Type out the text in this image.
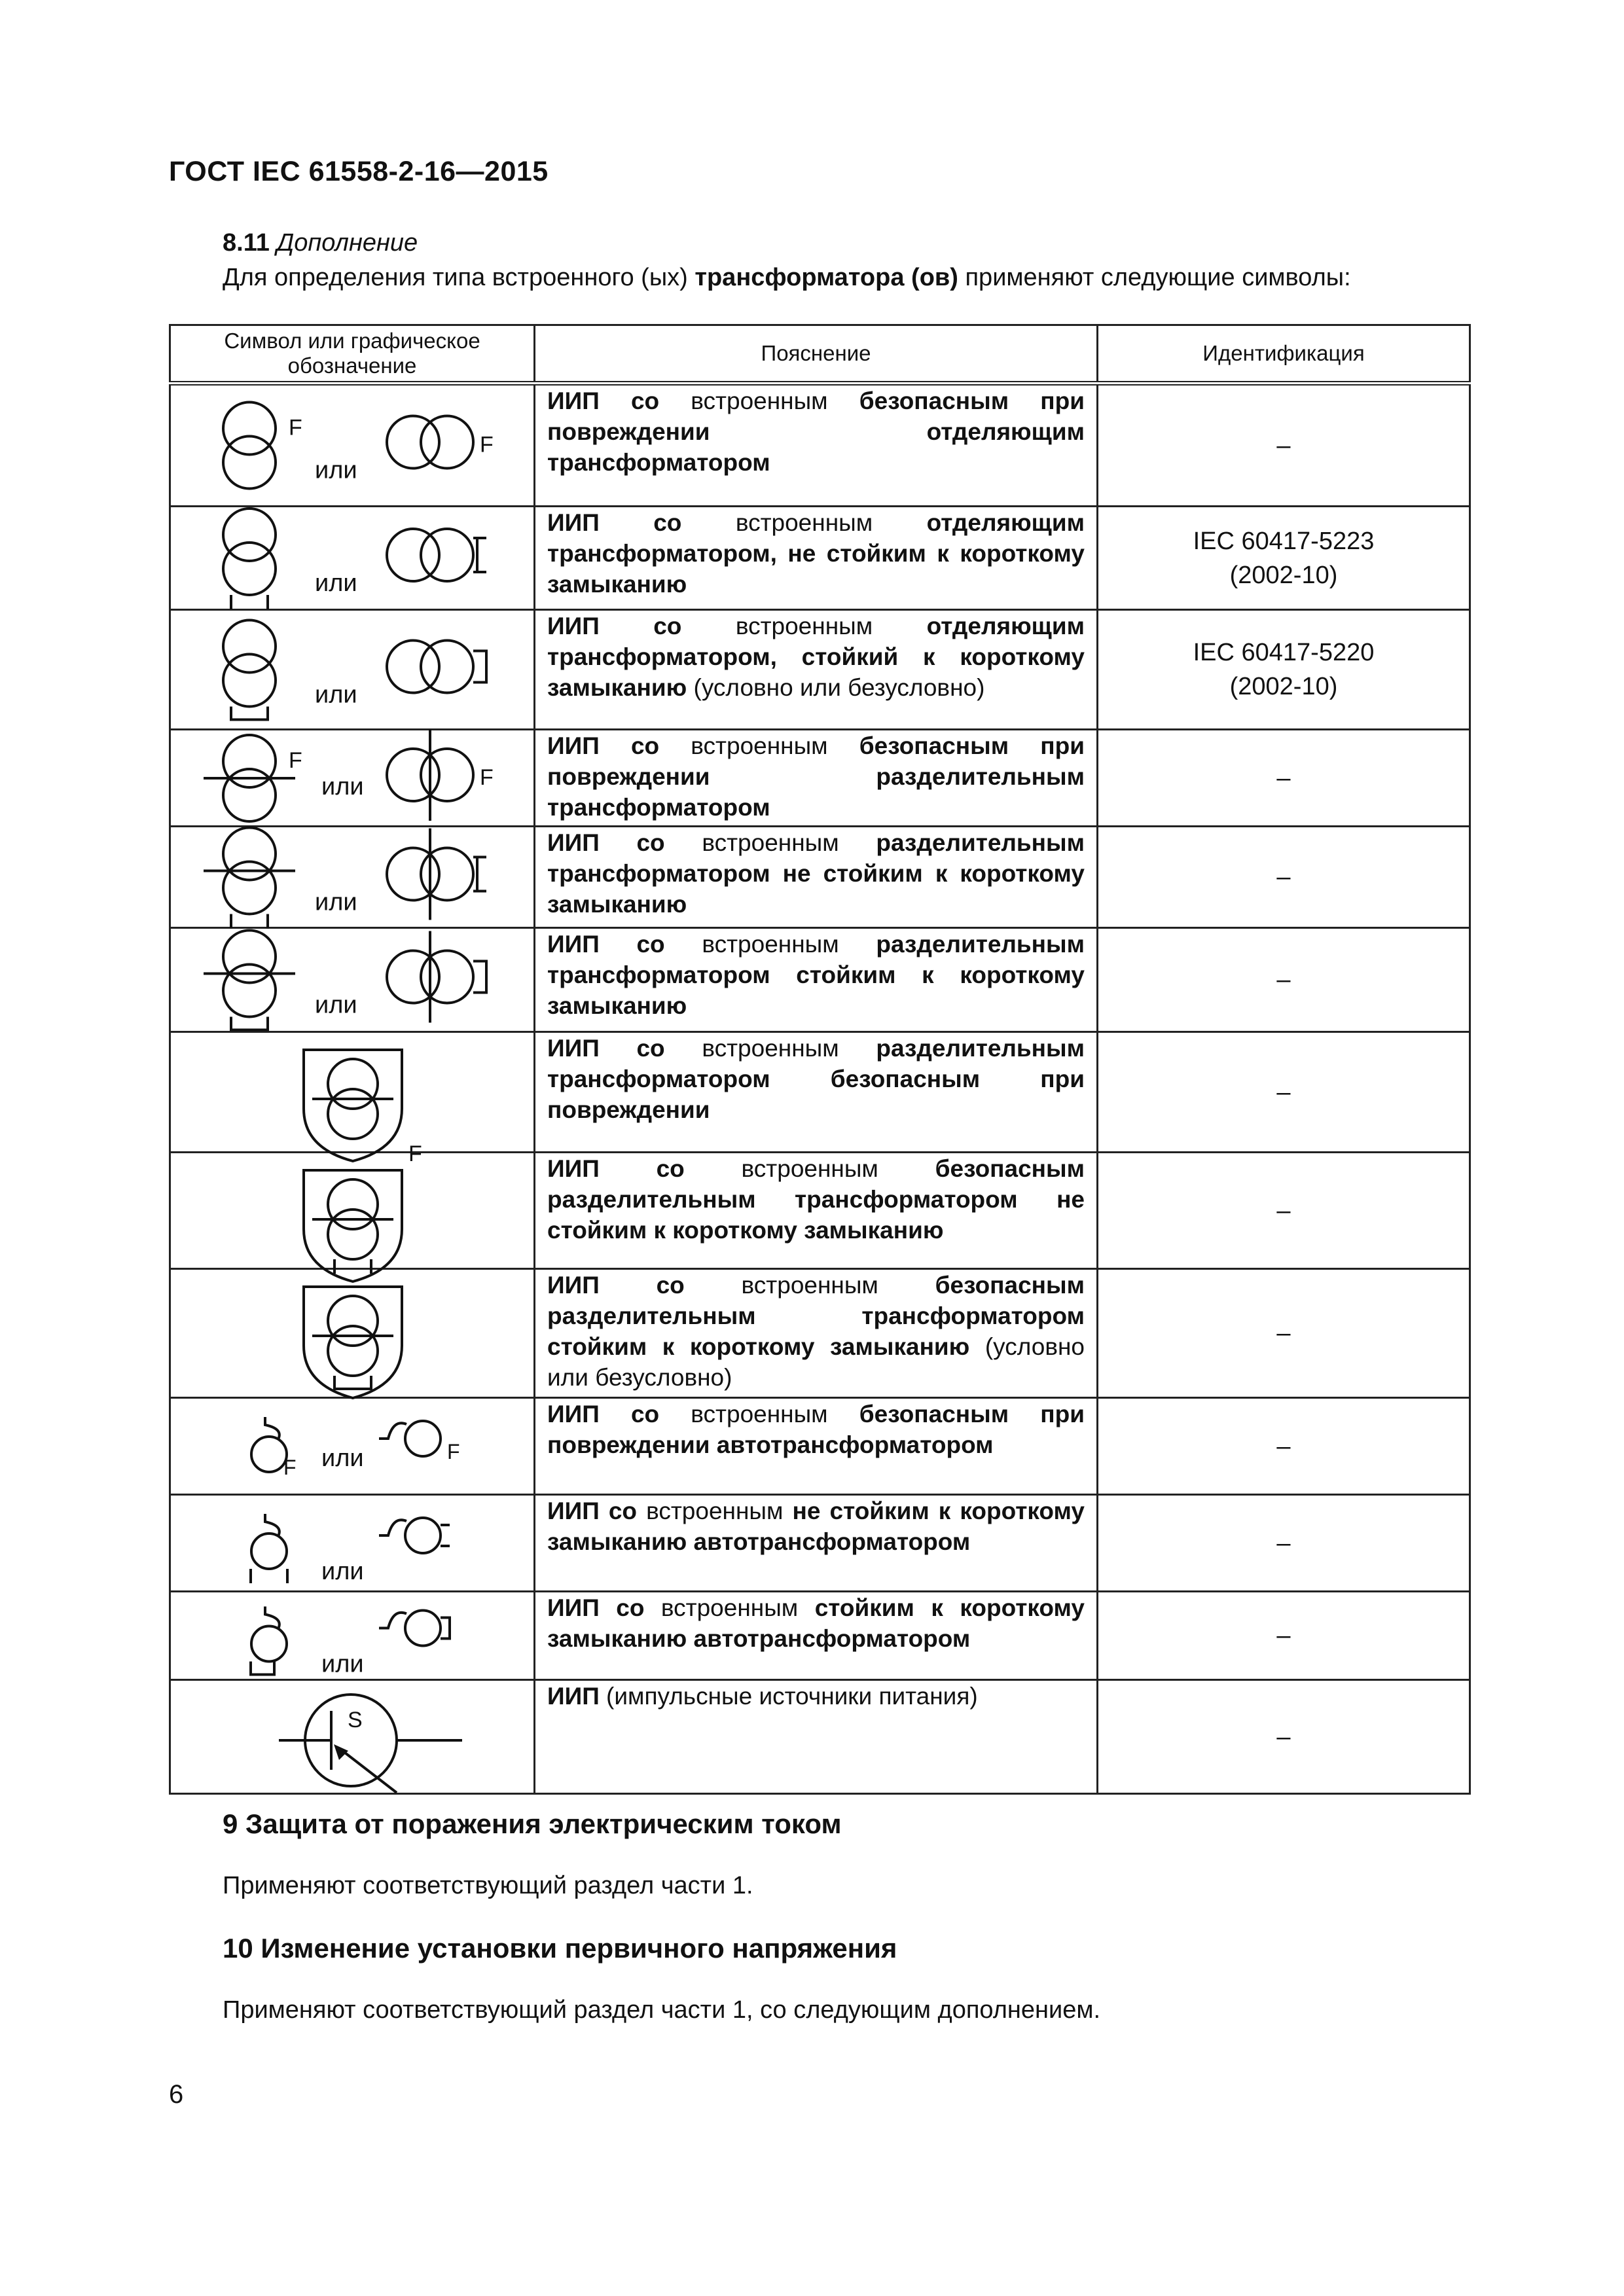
ГОСТ IEC 61558-2-16—2015
8.11 Дополнение
Для определения типа встроенного (ых) трансформатора (ов) применяют следующие символы:
Символ или графическое обозначение	Пояснение	Идентификация

F
F
или	ИИП со встроенным безопасным при повреждении отделяющим трансформатором	–

или	ИИП со встроенным отделяющим трансформатором, не стойким к короткому замыканию	IEC 60417-5223
(2002-10)

или	ИИП со встроенным отделяющим трансформатором, стойкий к короткому замыканию (условно или безусловно)	IEC 60417-5220
(2002-10)

F
F
или	ИИП со встроенным безопасным при повреждении разделительным трансформатором	–

или	ИИП со встроенным разделительным трансформатором не стойким к короткому замыканию	–

или	ИИП со встроенным разделительным трансформатором стойким к короткому замыканию	–

F	ИИП со встроенным разделительным трансформатором безопасным при повреждении	–

ИИП со встроенным безопасным разделительным трансформатором не стойким к короткому замыканию	–

ИИП со встроенным безопасным разделительным трансформатором стойким к короткому замыканию (условно или безусловно)	–

F
F
или	ИИП со встроенным безопасным при повреждении автотрансформатором	–

или	ИИП со встроенным не стойким к короткому замыканию автотрансформатором	–

или	ИИП со встроенным стойким к короткому замыканию автотрансформатором	–

S	ИИП (импульсные источники питания)	–
9 Защита от поражения электрическим током
Применяют соответствующий раздел части 1.
10 Изменение установки первичного напряжения
Применяют соответствующий раздел части 1, со следующим дополнением.
6
